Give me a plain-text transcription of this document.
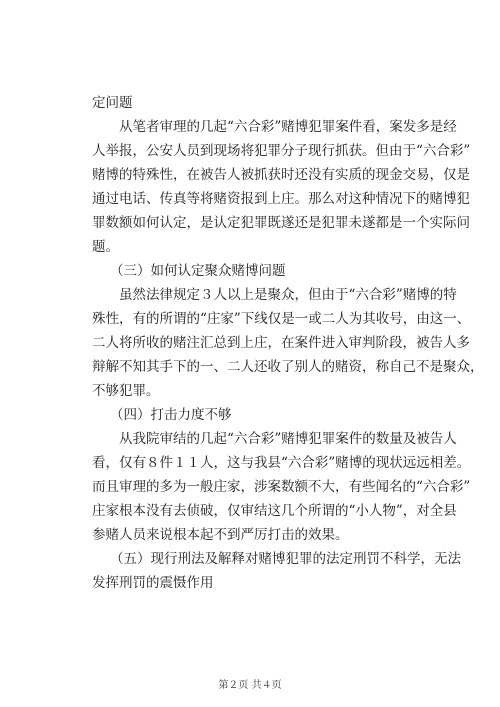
定问题
从笔者审理的几起“六合彩”赌博犯罪案件看，案发多是经
人举报，公安人员到现场将犯罪分子现行抓获。但由于“六合彩”
赌博的特殊性，在被告人被抓获时还没有实质的现金交易，仅是
通过电话、传真等将赌资报到上庄。那么对这种情况下的赌博犯
罪数额如何认定，是认定犯罪既遂还是犯罪未遂都是一个实际问
题。
（三）如何认定聚众赌博问题
虽然法律规定３人以上是聚众，但由于“六合彩”赌博的特
殊性，有的所谓的“庄家”下线仅是一或二人为其收号，由这一、
二人将所收的赌注汇总到上庄，在案件进入审判阶段，被告人多
辩解不知其手下的一、二人还收了别人的赌资，称自己不是聚众，
不够犯罪。
（四）打击力度不够
从我院审结的几起“六合彩”赌博犯罪案件的数量及被告人
看，仅有８件１１人，这与我县“六合彩”赌博的现状远远相差。
而且审理的多为一般庄家，涉案数额不大，有些闻名的“六合彩”
庄家根本没有去侦破，仅审结这几个所谓的“小人物”，对全县
参赌人员来说根本起不到严厉打击的效果。
（五）现行刑法及解释对赌博犯罪的法定刑罚不科学，无法
发挥刑罚的震慑作用
第２页 共４页
